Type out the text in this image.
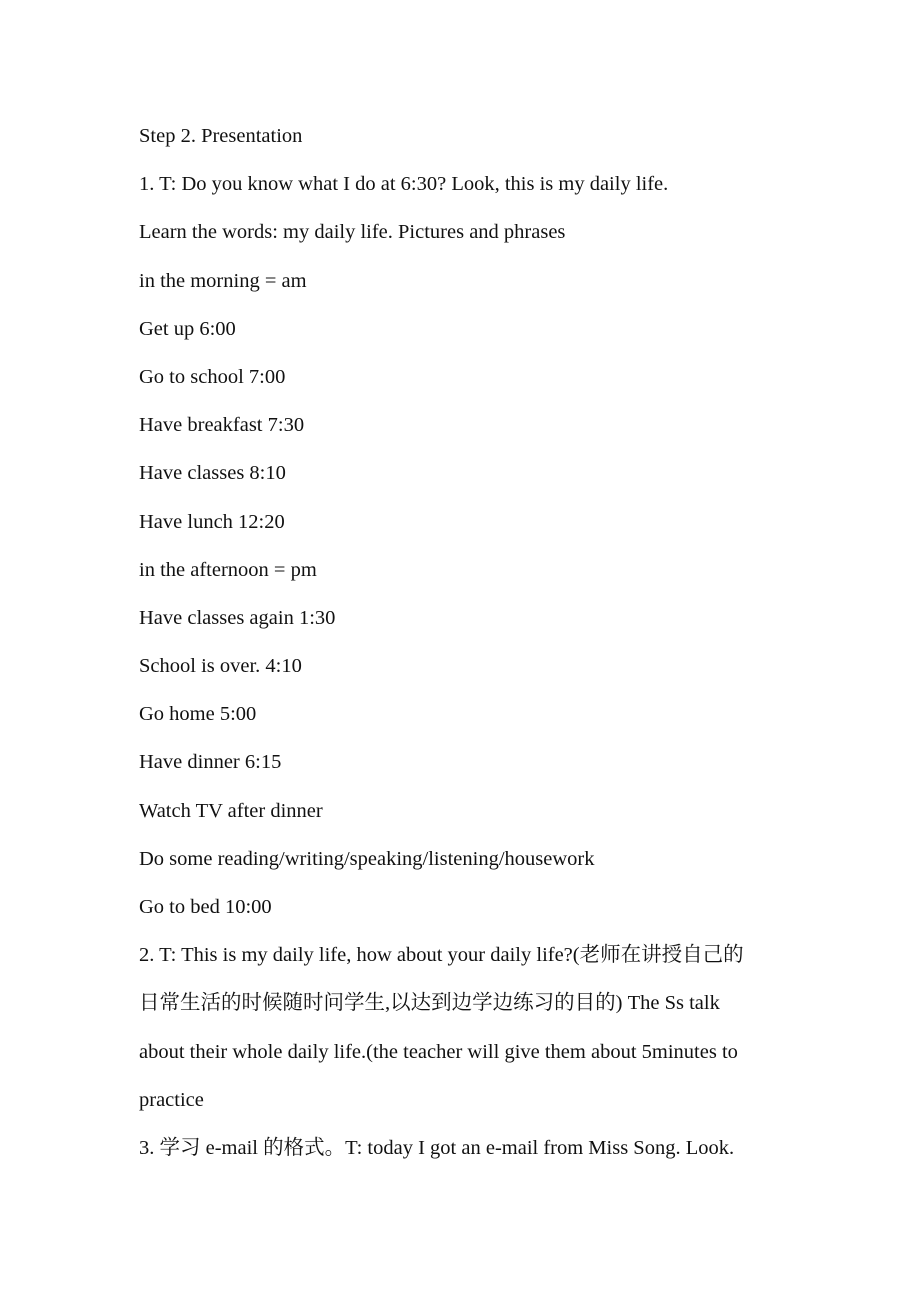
Step 2. Presentation
1. T: Do you know what I do at 6:30? Look, this is my daily life.
Learn the words: my daily life. Pictures and phrases
in the morning = am
Get up 6:00
Go to school 7:00
Have breakfast 7:30
Have classes 8:10
Have lunch 12:20
in the afternoon = pm
Have classes again 1:30
School is over. 4:10
Go home 5:00
Have dinner 6:15
Watch TV after dinner
Do some reading/writing/speaking/listening/housework
Go to bed 10:00
2. T: This is my daily life, how about your daily life?(老师在讲授自己的
日常生活的时候随时问学生,以达到边学边练习的目的) The Ss talk
about their whole daily life.(the teacher will give them about 5minutes to
practice
3. 学习 e-mail 的格式。T: today I got an e-mail from Miss Song. Look.
